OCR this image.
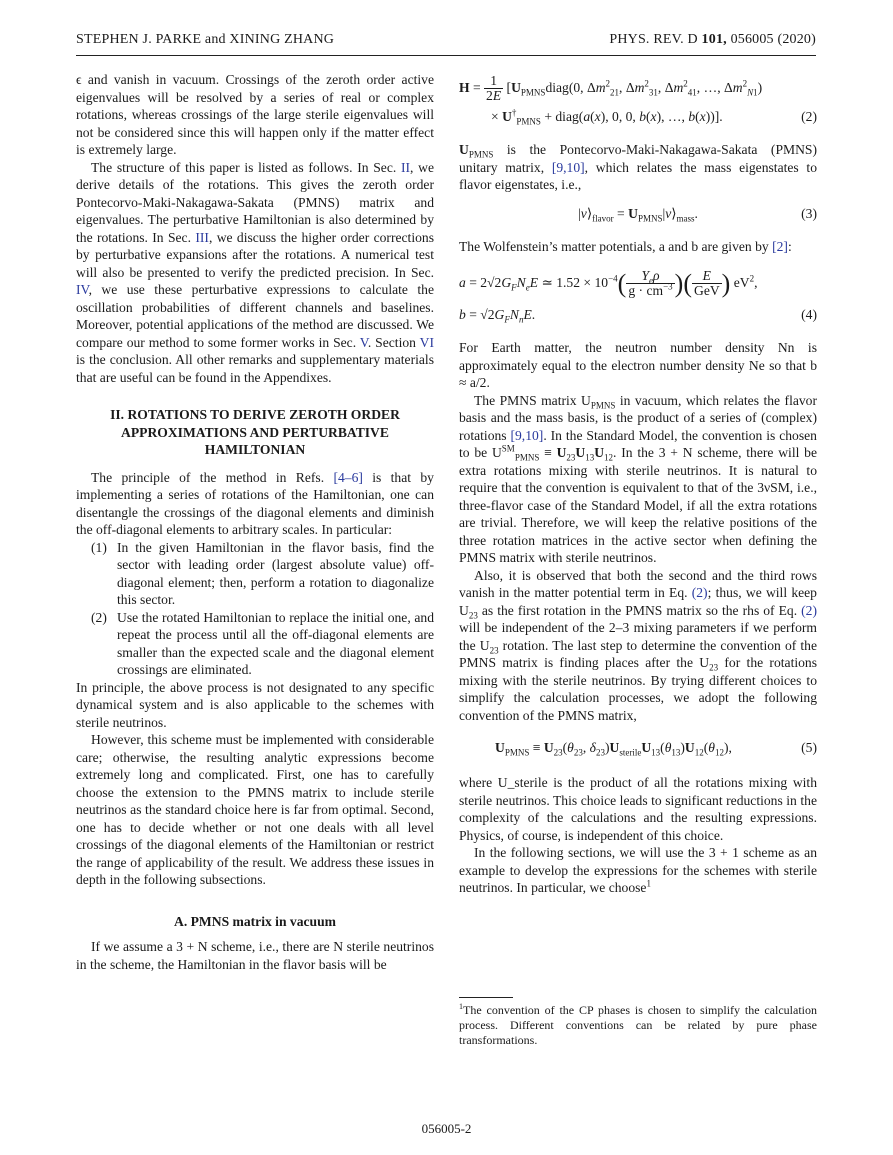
STEPHEN J. PARKE and XINING ZHANG	PHYS. REV. D 101, 056005 (2020)

ϵ and vanish in vacuum. Crossings of the zeroth order active eigenvalues will be resolved by a series of real or complex rotations, whereas crossings of the large sterile eigenvalues will not be considered since this will happen only if the matter effect is extremely large.

The structure of this paper is listed as follows. In Sec. II, we derive details of the rotations. This gives the zeroth order Pontecorvo-Maki-Nakagawa-Sakata (PMNS) matrix and eigenvalues. The perturbative Hamiltonian is also determined by the rotations. In Sec. III, we discuss the higher order corrections by perturbative expansions after the rotations. A numerical test will also be presented to verify the predicted precision. In Sec. IV, we use these perturbative expressions to calculate the oscillation probabilities of different channels and baselines. Moreover, potential applications of the method are discussed. We compare our method to some former works in Sec. V. Section VI is the conclusion. All other remarks and supplementary materials that are useful can be found in the Appendixes.

II. ROTATIONS TO DERIVE ZEROTH ORDER APPROXIMATIONS AND PERTURBATIVE HAMILTONIAN

The principle of the method in Refs. [4–6] is that by implementing a series of rotations of the Hamiltonian, one can disentangle the crossings of the diagonal elements and diminish the off-diagonal elements to arbitrary scales. In particular:

(1) In the given Hamiltonian in the flavor basis, find the sector with leading order (largest absolute value) off-diagonal element; then, perform a rotation to diagonalize this sector.
(2) Use the rotated Hamiltonian to replace the initial one, and repeat the process until all the off-diagonal elements are smaller than the expected scale and the diagonal element crossings are eliminated.

In principle, the above process is not designated to any specific dynamical system and is also applicable to the schemes with sterile neutrinos.

However, this scheme must be implemented with considerable care; otherwise, the resulting analytic expressions become extremely long and complicated. First, one has to carefully choose the extension to the PMNS matrix to include sterile neutrinos as the standard choice here is far from optimal. Second, one has to decide whether or not one deals with all level crossings of the diagonal elements of the Hamiltonian or restrict the range of applicability of the result. We address these issues in depth in the following subsections.

A. PMNS matrix in vacuum

If we assume a 3 + N scheme, i.e., there are N sterile neutrinos in the scheme, the Hamiltonian in the flavor basis will be

$H = \frac{1}{2E}$ [$U_{PMNS}diag(0$, $\Delta m^2_{21}$, $\Delta m^2_{31}$, $\Delta m^2_{41}$, …, $\Delta m^2_{N1}$)
× $U^\dagger_{PMNS}$ + diag(a(x), 0, 0, b(x), …, b(x))].	(2)

$U_{PMNS}$ is the Pontecorvo-Maki-Nakagawa-Sakata (PMNS) unitary matrix, [9,10], which relates the mass eigenstates to flavor eigenstates, i.e.,

$|\nu⟩_{flavor}$ = $U_{PMNS}|\nu⟩_{mass}$.	(3)

The Wolfenstein’s matter potentials, a and b are given by [2]:

$a = 2√2G_FN_eE$ ≃ $1.52 \times 10^{-4}( \frac{Y_e\rho}{g \cdot cm^{-3}}$ )( $\frac{E}{\text{GeV}}$ ) $eV^2$,
$b = √2G_FN_nE$.	(4)

For Earth matter, the neutron number density Nn is approximately equal to the electron number density Ne so that b ≈ a/2.

The PMNS matrix $U_{PMNS}$ in vacuum, which relates the flavor basis and the mass basis, is the product of a series of (complex) rotations [9,10]. In the Standard Model, the convention is chosen to be $U℠_{PMNS} \equiv U_{23}U_{13}U_{12}$. In the 3 + N scheme, there will be extra rotations mixing with sterile neutrinos. It is natural to require that the convention is equivalent to that of the 3νSM, i.e., three-flavor case of the Standard Model, if all the extra rotations are trivial. Therefore, we will keep the relative positions of the three rotation matrices in the active sector when defining the PMNS matrix with sterile neutrinos.

Also, it is observed that both the second and the third rows vanish in the matter potential term in Eq. (2); thus, we will keep $U_{23}$ as the first rotation in the PMNS matrix so the rhs of Eq. (2) will be independent of the 2–3 mixing parameters if we perform the $U_{23}$ rotation. The last step to determine the convention of the PMNS matrix is finding places after the $U_{23}$ for the rotations mixing with the sterile neutrinos. By trying different choices to simplify the calculation processes, we adopt the following convention of the PMNS matrix,

$U_{PMNS} \equiv U_{23}(\theta_{23}$, $\delta_{23})U_{sterile}U_{13}(\theta_{13})U_{12}(\theta_{12})$,	(5)

where U_sterile is the product of all the rotations mixing with sterile neutrinos. This choice leads to significant reductions in the complexity of the calculations and the resulting expressions. Physics, of course, is independent of this choice.

In the following sections, we will use the 3 + 1 scheme as an example to develop the expressions for the schemes with sterile neutrinos. In particular, we choose$^1$

$^1$The convention of the CP phases is chosen to simplify the calculation process. Different conventions can be related by pure phase transformations.
056005-2
